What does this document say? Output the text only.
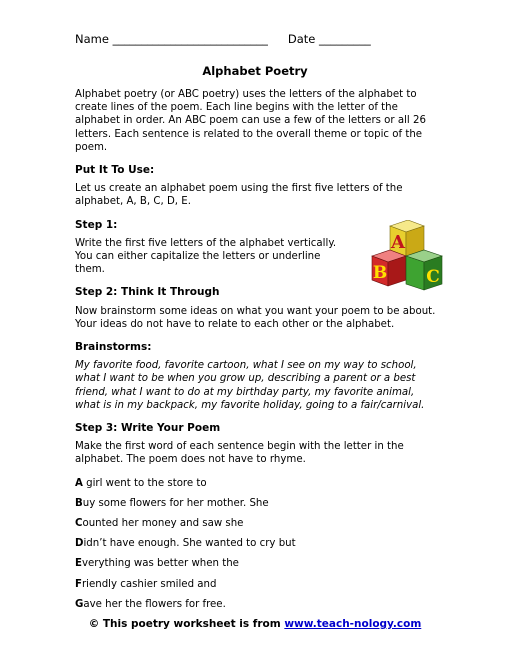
Name ___________________________ Date _________
Alphabet Poetry

Alphabet poetry (or ABC poetry) uses the letters of the alphabet to create lines of the poem. Each line begins with the letter of the alphabet in order. An ABC poem can use a few of the letters or all 26 letters. Each sentence is related to the overall theme or topic of the poem.

Put It To Use:

Let us create an alphabet poem using the first five letters of the alphabet, A, B, C, D, E.

Step 1:

Write the first five letters of the alphabet vertically. You can either capitalize the letters or underline them.

Step 2: Think It Through

Now brainstorm some ideas on what you want your poem to be about. Your ideas do not have to relate to each other or the alphabet.

Brainstorms:

My favorite food, favorite cartoon, what I see on my way to school, what I want to be when you grow up, describing a parent or a best friend, what I want to do at my birthday party, my favorite animal, what is in my backpack, my favorite holiday, going to a fair/carnival.

Step 3: Write Your Poem

Make the first word of each sentence begin with the letter in the alphabet. The poem does not have to rhyme.

A girl went to the store to
Buy some flowers for her mother. She
Counted her money and saw she
Didn’t have enough. She wanted to cry but
Everything was better when the
Friendly cashier smiled and
Gave her the flowers for free.
A
B C
© This poetry worksheet is from www.teach-nology.com
